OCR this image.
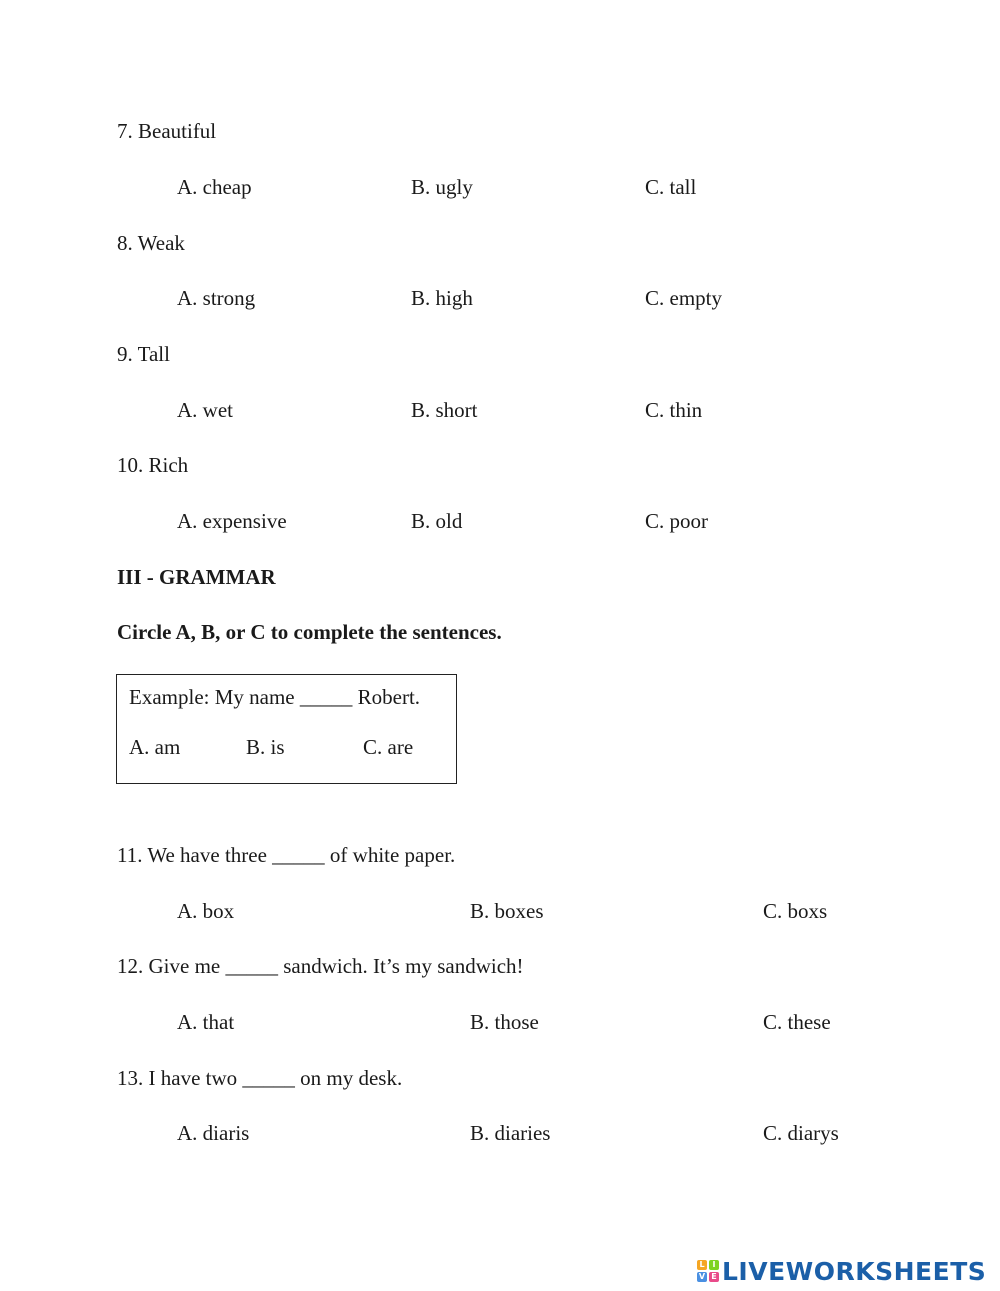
7. Beautiful
A. cheap	B. ugly	C. tall
8. Weak
A. strong	B. high	C. empty
9. Tall
A. wet	B. short	C. thin
10. Rich
A. expensive	B. old	C. poor
III - GRAMMAR
Circle A, B, or C to complete the sentences.
Example: My name _____ Robert.
A. am	B. is	C. are
11. We have three _____ of white paper.
A. box	B. boxes	C. boxs
12. Give me _____ sandwich. It’s my sandwich!
A. that	B. those	C. these
13. I have two _____ on my desk.
A. diaris	B. diaries	C. diarys
L I
V E LIVEWORKSHEETS
